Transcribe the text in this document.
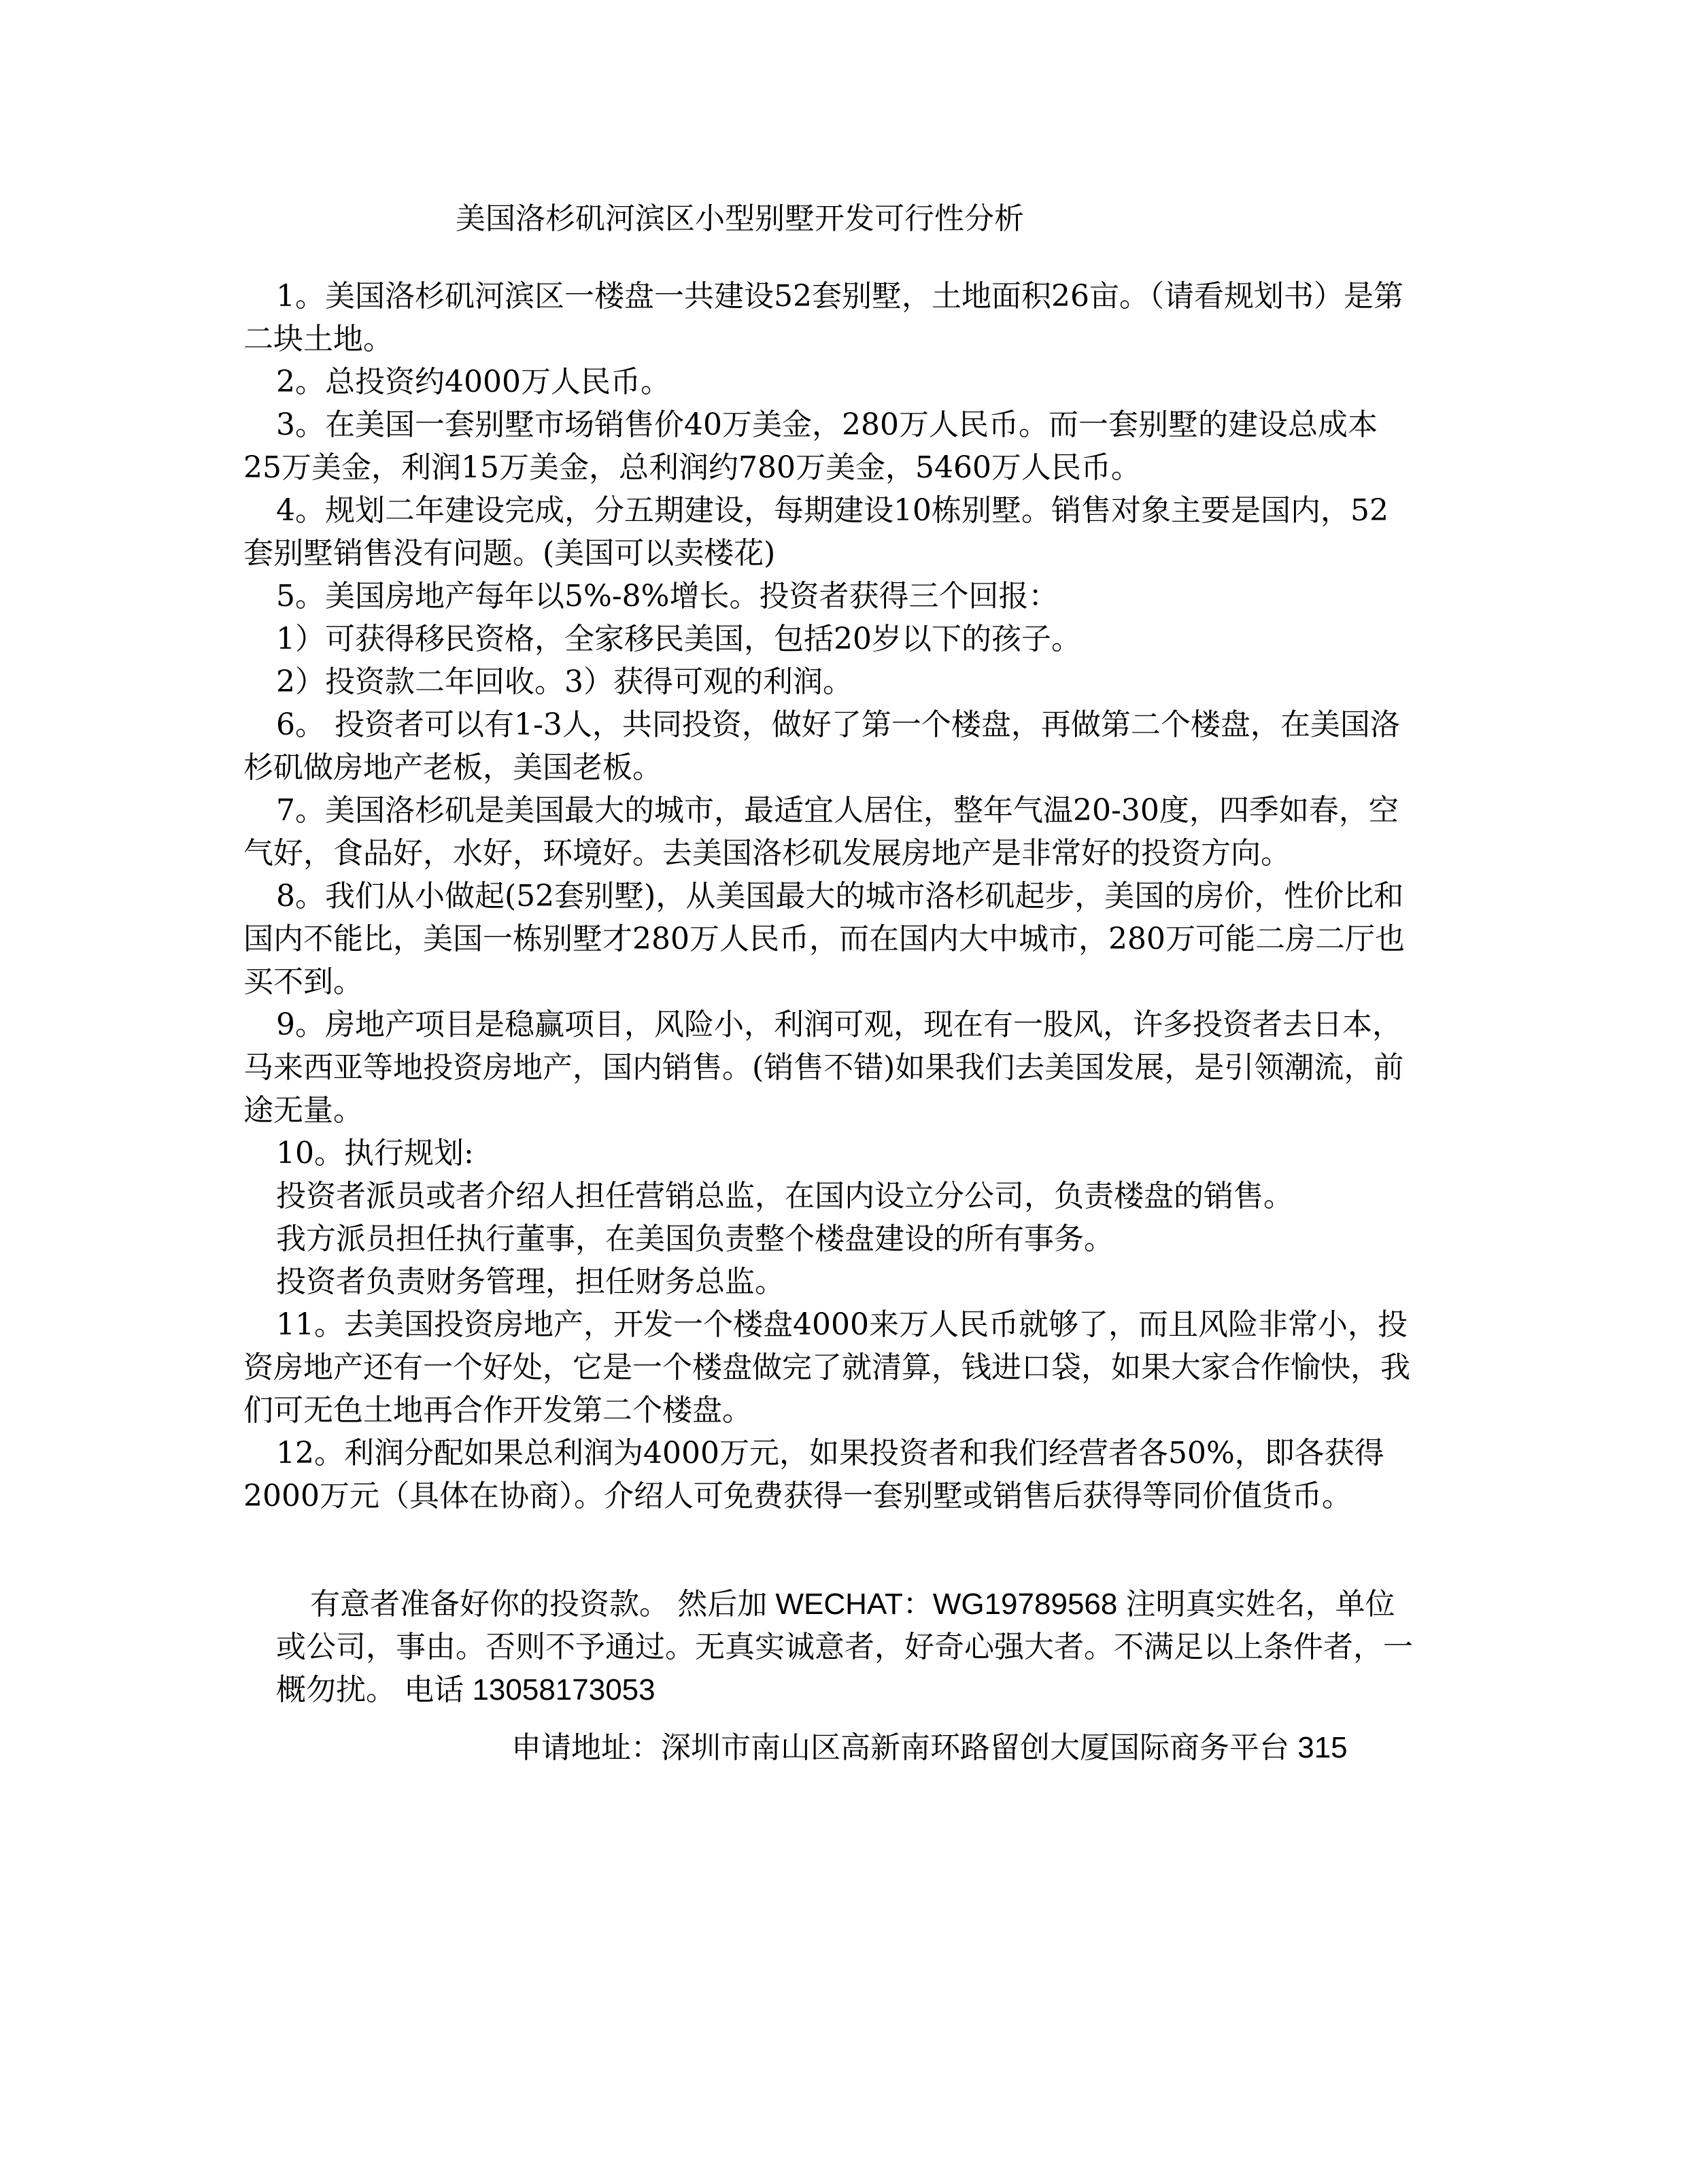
美国洛杉矶河滨区小型别墅开发可行性分析

1。美国洛杉矶河滨区一楼盘一共建设52套别墅，土地面积26亩。（请看规划书）是第二块土地。

2。总投资约4000万人民币。

3。在美国一套别墅市场销售价40万美金，280万人民币。而一套别墅的建设总成本25万美金，利润15万美金，总利润约780万美金，5460万人民币。

4。规划二年建设完成，分五期建设，每期建设10栋别墅。销售对象主要是国内，52套别墅销售没有问题。(美国可以卖楼花)

5。美国房地产每年以5%-8%增长。投资者获得三个回报：

1）可获得移民资格，全家移民美国，包括20岁以下的孩子。

2）投资款二年回收。3）获得可观的利润。

6。 投资者可以有1-3人，共同投资，做好了第一个楼盘，再做第二个楼盘，在美国洛杉矶做房地产老板，美国老板。

7。美国洛杉矶是美国最大的城市，最适宜人居住，整年气温20-30度，四季如春，空气好，食品好，水好，环境好。去美国洛杉矶发展房地产是非常好的投资方向。

8。我们从小做起(52套别墅)，从美国最大的城市洛杉矶起步，美国的房价，性价比和国内不能比，美国一栋别墅才280万人民币，而在国内大中城市，280万可能二房二厅也买不到。

9。房地产项目是稳赢项目，风险小，利润可观，现在有一股风，许多投资者去日本，马来西亚等地投资房地产，国内销售。(销售不错)如果我们去美国发展，是引领潮流，前途无量。

10。执行规划:

投资者派员或者介绍人担任营销总监，在国内设立分公司，负责楼盘的销售。

我方派员担任执行董事，在美国负责整个楼盘建设的所有事务。

投资者负责财务管理，担任财务总监。

11。去美国投资房地产，开发一个楼盘4000来万人民币就够了，而且风险非常小，投资房地产还有一个好处，它是一个楼盘做完了就清算，钱进口袋，如果大家合作愉快，我们可无色土地再合作开发第二个楼盘。

12。利润分配如果总利润为4000万元，如果投资者和我们经营者各50%，即各获得2000万元（具体在协商）。介绍人可免费获得一套别墅或销售后获得等同价值货币。

有意者准备好你的投资款。 然后加 WECHAT：WG19789568 注明真实姓名，单位或公司，事由。否则不予通过。无真实诚意者，好奇心强大者。不满足以上条件者，一概勿扰。 电话 13058173053

申请地址：深圳市南山区高新南环路留创大厦国际商务平台 315
